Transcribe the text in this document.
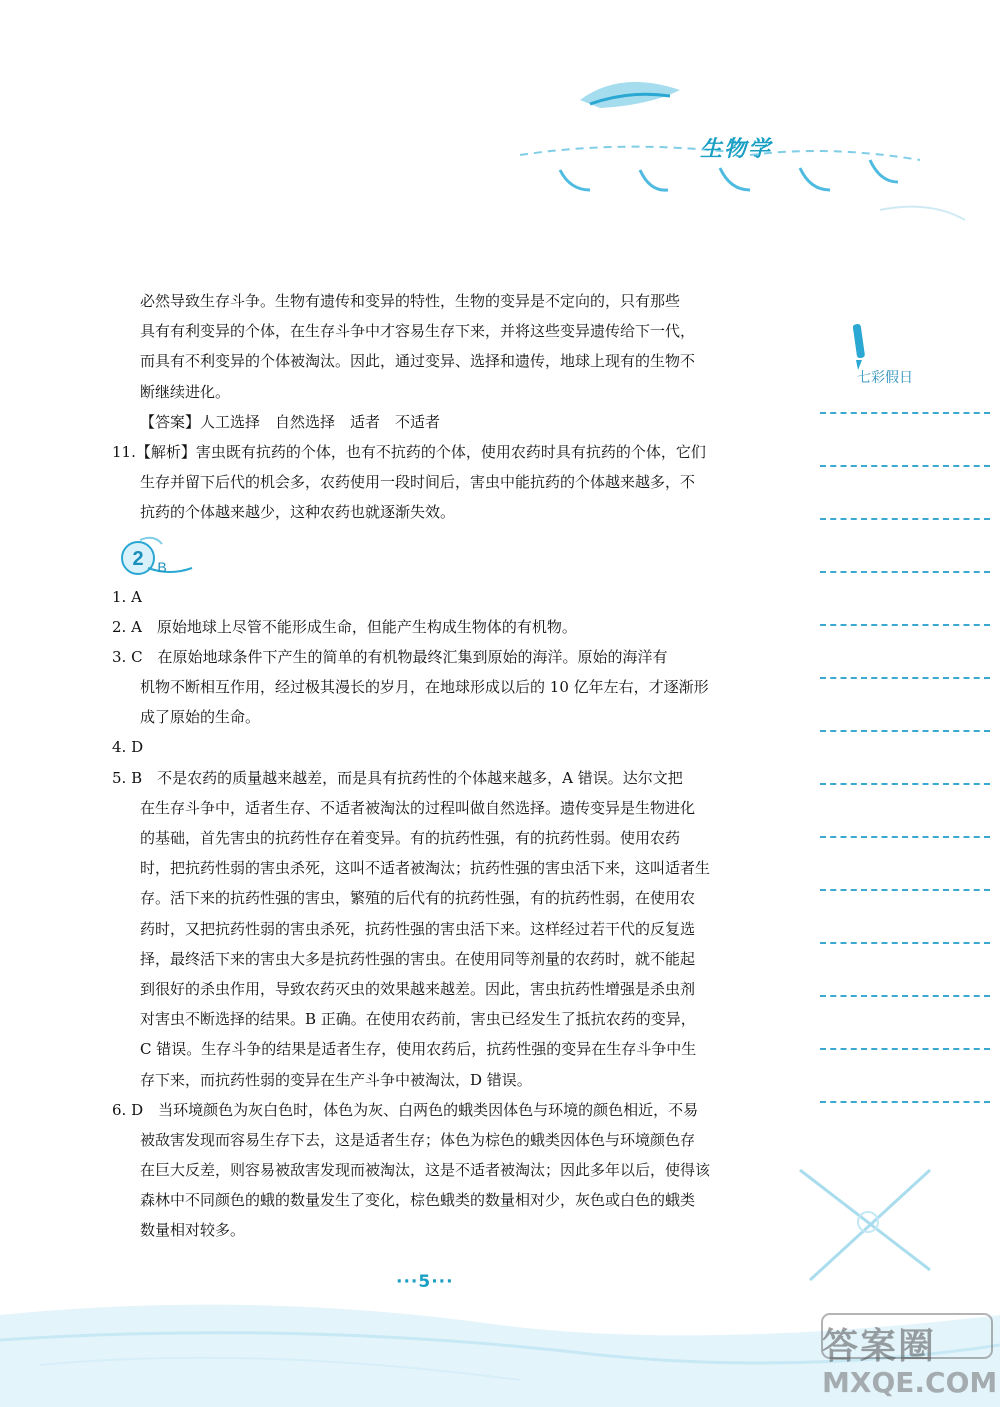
生物学
七彩假日
必然导致生存斗争。生物有遗传和变异的特性，生物的变异是不定向的，只有那些
具有有利变异的个体，在生存斗争中才容易生存下来，并将这些变异遗传给下一代，
而具有不利变异的个体被淘汰。因此，通过变异、选择和遗传，地球上现有的生物不
断继续进化。
【答案】人工选择　自然选择　适者　不适者
11.【解析】害虫既有抗药的个体，也有不抗药的个体，使用农药时具有抗药的个体，它们
生存并留下后代的机会多，农药使用一段时间后，害虫中能抗药的个体越来越多，不
抗药的个体越来越少，这种农药也就逐渐失效。
2 B
1. A
2. A　原始地球上尽管不能形成生命，但能产生构成生物体的有机物。
3. C　在原始地球条件下产生的简单的有机物最终汇集到原始的海洋。原始的海洋有
机物不断相互作用，经过极其漫长的岁月，在地球形成以后的 10 亿年左右，才逐渐形
成了原始的生命。
4. D
5. B　不是农药的质量越来越差，而是具有抗药性的个体越来越多，A 错误。达尔文把
在生存斗争中，适者生存、不适者被淘汰的过程叫做自然选择。遗传变异是生物进化
的基础，首先害虫的抗药性存在着变异。有的抗药性强，有的抗药性弱。使用农药
时，把抗药性弱的害虫杀死，这叫不适者被淘汰；抗药性强的害虫活下来，这叫适者生
存。活下来的抗药性强的害虫，繁殖的后代有的抗药性强，有的抗药性弱，在使用农
药时，又把抗药性弱的害虫杀死，抗药性强的害虫活下来。这样经过若干代的反复选
择，最终活下来的害虫大多是抗药性强的害虫。在使用同等剂量的农药时，就不能起
到很好的杀虫作用，导致农药灭虫的效果越来越差。因此，害虫抗药性增强是杀虫剂
对害虫不断选择的结果。B 正确。在使用农药前，害虫已经发生了抵抗农药的变异，
C 错误。生存斗争的结果是适者生存，使用农药后，抗药性强的变异在生存斗争中生
存下来，而抗药性弱的变异在生产斗争中被淘汰，D 错误。
6. D　当环境颜色为灰白色时，体色为灰、白两色的蛾类因体色与环境的颜色相近，不易
被敌害发现而容易生存下去，这是适者生存；体色为棕色的蛾类因体色与环境颜色存
在巨大反差，则容易被敌害发现而被淘汰，这是不适者被淘汰；因此多年以后，使得该
森林中不同颜色的蛾的数量发生了变化，棕色蛾类的数量相对少，灰色或白色的蛾类
数量相对较多。
···5···
答案圈
MXQE.COM
